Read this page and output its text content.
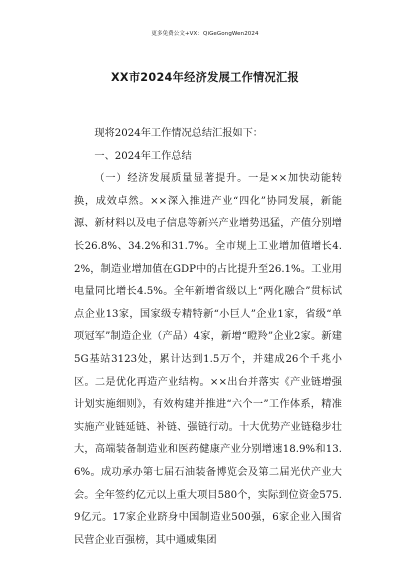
更多免费公文+VX：QiGeGongWen2024
XX市2024年经济发展工作情况汇报

现将2024年工作情况总结汇报如下：

一、2024年工作总结

（一）经济发展质量显著提升。一是××加快动能转换，成效卓然。××深入推进产业“四化”协同发展，新能源、新材料以及电子信息等新兴产业增势迅猛，产值分别增长26.8%、34.2%和31.7%。全市规上工业增加值增长4.2%，制造业增加值在GDP中的占比提升至26.1%。工业用电量同比增长4.5%。全年新增省级以上“两化融合”贯标试点企业13家，国家级专精特新“小巨人”企业1家，省级“单项冠军”制造企业（产品）4家，新增“瞪羚”企业2家。新建5G基站3123处，累计达到1.5万个，并建成26个千兆小区。二是优化再造产业结构。××出台并落实《产业链增强计划实施细则》，有效构建并推进“六个一”工作体系，精准实施产业链延链、补链、强链行动。十大优势产业链稳步壮大，高端装备制造业和医药健康产业分别增速18.9%和13.6%。成功承办第七届石油装备博览会及第二届光伏产业大会。全年签约亿元以上重大项目580个，实际到位资金575.9亿元。17家企业跻身中国制造业500强，6家企业入围省民营企业百强榜，其中通威集团
